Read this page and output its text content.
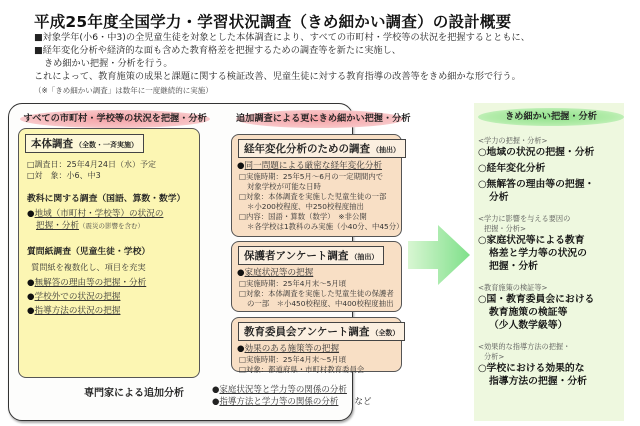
平成25年度全国学力・学習状況調査（きめ細かい調査）の設計概要
■対象学年(小6・中3)の全児童生徒を対象とした本体調査により、すべての市町村・学校等の状況を把握するとともに、
■経年変化分析や経済的な面も含めた教育格差を把握するための調査等を新たに実施し、
きめ細かい把握・分析を行う。
これによって、教育施策の成果と課題に関する検証改善、児童生徒に対する教育指導の改善等をきめ細かな形で行う。
（※「きめ細かい調査」は数年に一度継続的に実施）
すべての市町村・学校等の状況を把握・分析	追加調査による更にきめ細かい把握・分析
本体調査 （全数・一斉実施）
□調査日：25年4月24日（水）予定
□対　象：小6、中3
教科に関する調査（国語、算数・数学）
●地域（市町村・学校等）の状況の
把握・分析（震災の影響を含む）
質問紙調査（児童生徒・学校）
質問紙を複数化し、項目を充実
●無解答の理由等の把握・分析
●学校外での状況の把握
●指導方法の状況の把握
経年変化分析のための調査 （抽出）
●同一問題による厳密な経年変化分析
□実施時期：25年5月～6月の一定期間内で
対象学校が可能な日時
□対象：本体調査を実施した児童生徒の一部
＊小200校程度、中250校程度抽出
□内容：国語・算数（数学）　※非公開
＊各学校は1教科のみ実施（小40分、中45分）
保護者アンケート調査 （抽出）
●家庭状況等の把握
□実施時期：25年4月末～5月頃
□対象：本体調査を実施した児童生徒の保護者
の一部　＊小450校程度、中400校程度抽出
教育委員会アンケート調査 （全数）
●効果のある施策等の把握
□実施時期：25年4月末～5月頃
□対象：都道府県・市町村教育委員会
専門家による追加分析	●家庭状況等と学力等の関係の分析
●指導方法と学力等の関係の分析 など
きめ細かい把握・分析
<学力の把握・分析>
○地域の状況の把握・分析
○経年変化分析
○無解答の理由等の把握・
分析
<学力に影響を与える要因の
把握・分析>
○家庭状況等による教育
格差と学力等の状況の
把握・分析
<教育施策の検証等>
○国・教育委員会における
教育施策の検証等
（少人数学級等）
<効果的な指導方法の把握・
分析>
○学校における効果的な
指導方法の把握・分析
